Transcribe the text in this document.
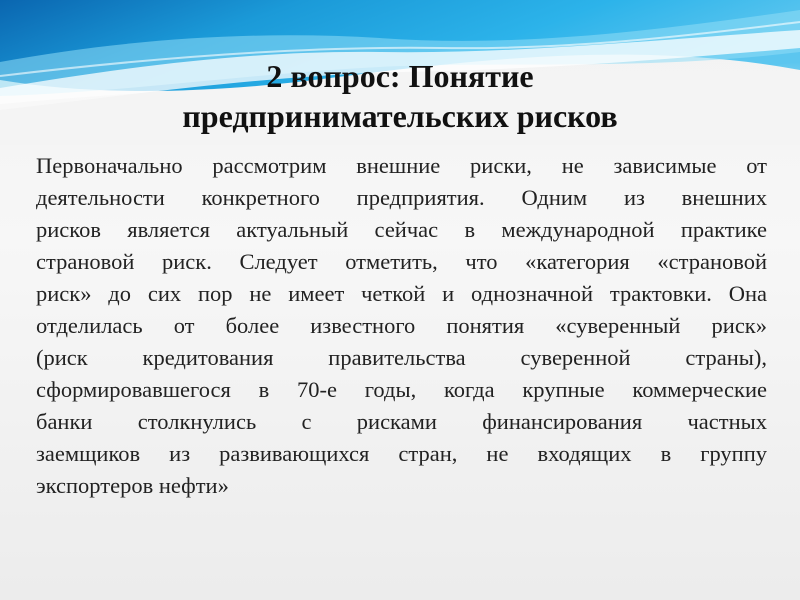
2 вопрос: Понятие
предпринимательских рисков
Первоначально рассмотрим внешние риски, не зависимые от
деятельности конкретного предприятия. Одним из внешних
рисков является актуальный сейчас в международной практике
страновой риск. Следует отметить, что «категория «страновой
риск» до сих пор не имеет четкой и однозначной трактовки. Она
отделилась от более известного понятия «суверенный риск»
(риск кредитования правительства суверенной страны),
сформировавшегося в 70-е годы, когда крупные коммерческие
банки столкнулись с рисками финансирования частных
заемщиков из развивающихся стран, не входящих в группу
экспортеров нефти»
